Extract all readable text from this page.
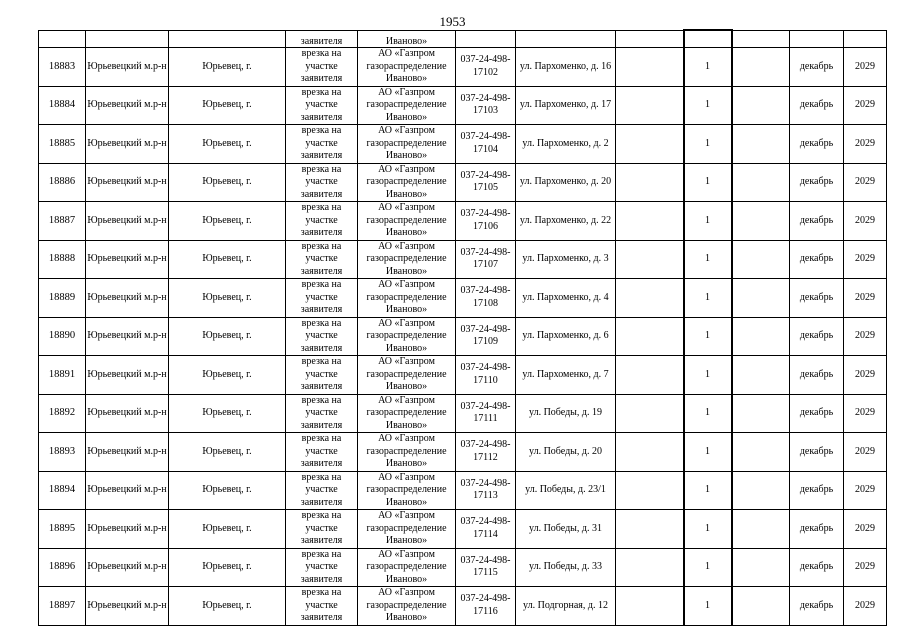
1953
			заявителя	Иваново»							
18883	Юрьевецкий м.р-н	Юрьевец, г.	врезка на участке заявителя	АО «Газпром газораспределение Иваново»	037-24-498-17102	ул. Пархоменко, д. 16		1		декабрь	2029
18884	Юрьевецкий м.р-н	Юрьевец, г.	врезка на участке заявителя	АО «Газпром газораспределение Иваново»	037-24-498-17103	ул. Пархоменко, д. 17		1		декабрь	2029
18885	Юрьевецкий м.р-н	Юрьевец, г.	врезка на участке заявителя	АО «Газпром газораспределение Иваново»	037-24-498-17104	ул. Пархоменко, д. 2		1		декабрь	2029
18886	Юрьевецкий м.р-н	Юрьевец, г.	врезка на участке заявителя	АО «Газпром газораспределение Иваново»	037-24-498-17105	ул. Пархоменко, д. 20		1		декабрь	2029
18887	Юрьевецкий м.р-н	Юрьевец, г.	врезка на участке заявителя	АО «Газпром газораспределение Иваново»	037-24-498-17106	ул. Пархоменко, д. 22		1		декабрь	2029
18888	Юрьевецкий м.р-н	Юрьевец, г.	врезка на участке заявителя	АО «Газпром газораспределение Иваново»	037-24-498-17107	ул. Пархоменко, д. 3		1		декабрь	2029
18889	Юрьевецкий м.р-н	Юрьевец, г.	врезка на участке заявителя	АО «Газпром газораспределение Иваново»	037-24-498-17108	ул. Пархоменко, д. 4		1		декабрь	2029
18890	Юрьевецкий м.р-н	Юрьевец, г.	врезка на участке заявителя	АО «Газпром газораспределение Иваново»	037-24-498-17109	ул. Пархоменко, д. 6		1		декабрь	2029
18891	Юрьевецкий м.р-н	Юрьевец, г.	врезка на участке заявителя	АО «Газпром газораспределение Иваново»	037-24-498-17110	ул. Пархоменко, д. 7		1		декабрь	2029
18892	Юрьевецкий м.р-н	Юрьевец, г.	врезка на участке заявителя	АО «Газпром газораспределение Иваново»	037-24-498-17111	ул. Победы, д. 19		1		декабрь	2029
18893	Юрьевецкий м.р-н	Юрьевец, г.	врезка на участке заявителя	АО «Газпром газораспределение Иваново»	037-24-498-17112	ул. Победы, д. 20		1		декабрь	2029
18894	Юрьевецкий м.р-н	Юрьевец, г.	врезка на участке заявителя	АО «Газпром газораспределение Иваново»	037-24-498-17113	ул. Победы, д. 23/1		1		декабрь	2029
18895	Юрьевецкий м.р-н	Юрьевец, г.	врезка на участке заявителя	АО «Газпром газораспределение Иваново»	037-24-498-17114	ул. Победы, д. 31		1		декабрь	2029
18896	Юрьевецкий м.р-н	Юрьевец, г.	врезка на участке заявителя	АО «Газпром газораспределение Иваново»	037-24-498-17115	ул. Победы, д. 33		1		декабрь	2029
18897	Юрьевецкий м.р-н	Юрьевец, г.	врезка на участке заявителя	АО «Газпром газораспределение Иваново»	037-24-498-17116	ул. Подгорная, д. 12		1		декабрь	2029
